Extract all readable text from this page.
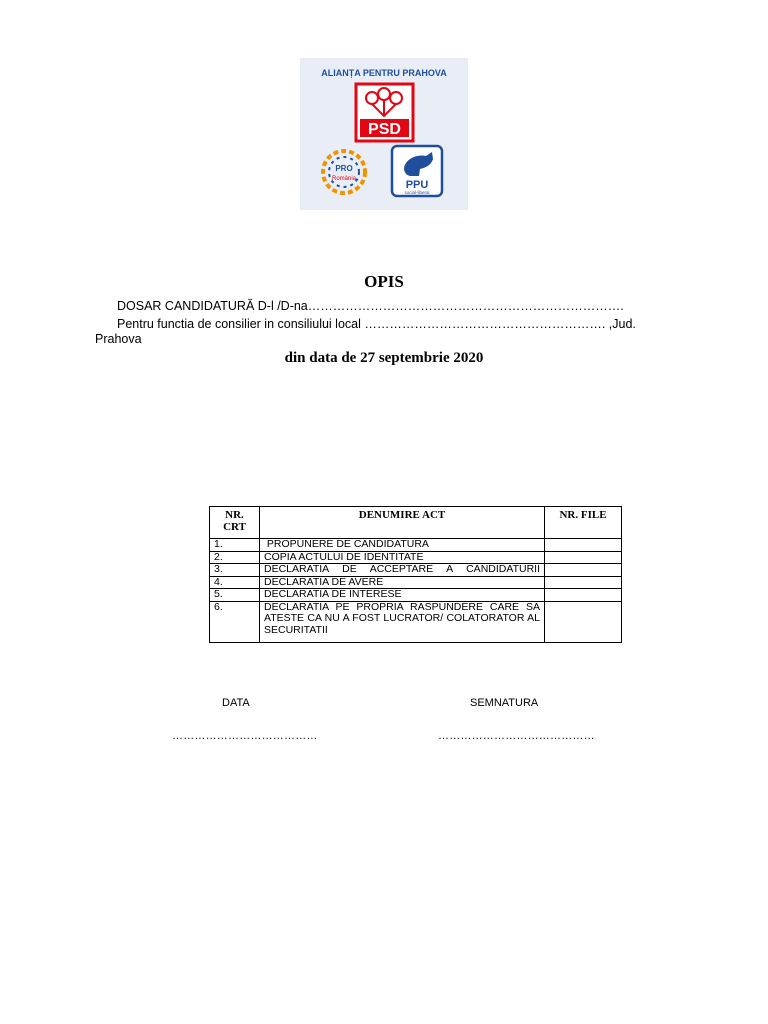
ALIANȚA PENTRU PRAHOVA
PSD
PRO
România	PPU
social-liberal
OPIS
DOSAR CANDIDATURĂ D-l /D-na………………………………………………………………….
Pentru functia de consilier in consiliului local …………………………………………………. ,Jud.
Prahova
din data de 27 septembrie 2020
NR. CRT	DENUMIRE ACT	NR. FILE
1.	PROPUNERE DE CANDIDATURA	
2.	COPIA ACTULUI DE IDENTITATE	
3.	DECLARATIA DE ACCEPTARE A CANDIDATURII	
4.	DECLARATIA DE AVERE	
5.	DECLARATIA DE INTERESE	
6.	DECLARATIA PE PROPRIA RASPUNDERE CARE SA ATESTE CA NU A FOST LUCRATOR/ COLATORATOR AL SECURITATII	
DATA	SEMNATURA
…………………………………	……………………………………
